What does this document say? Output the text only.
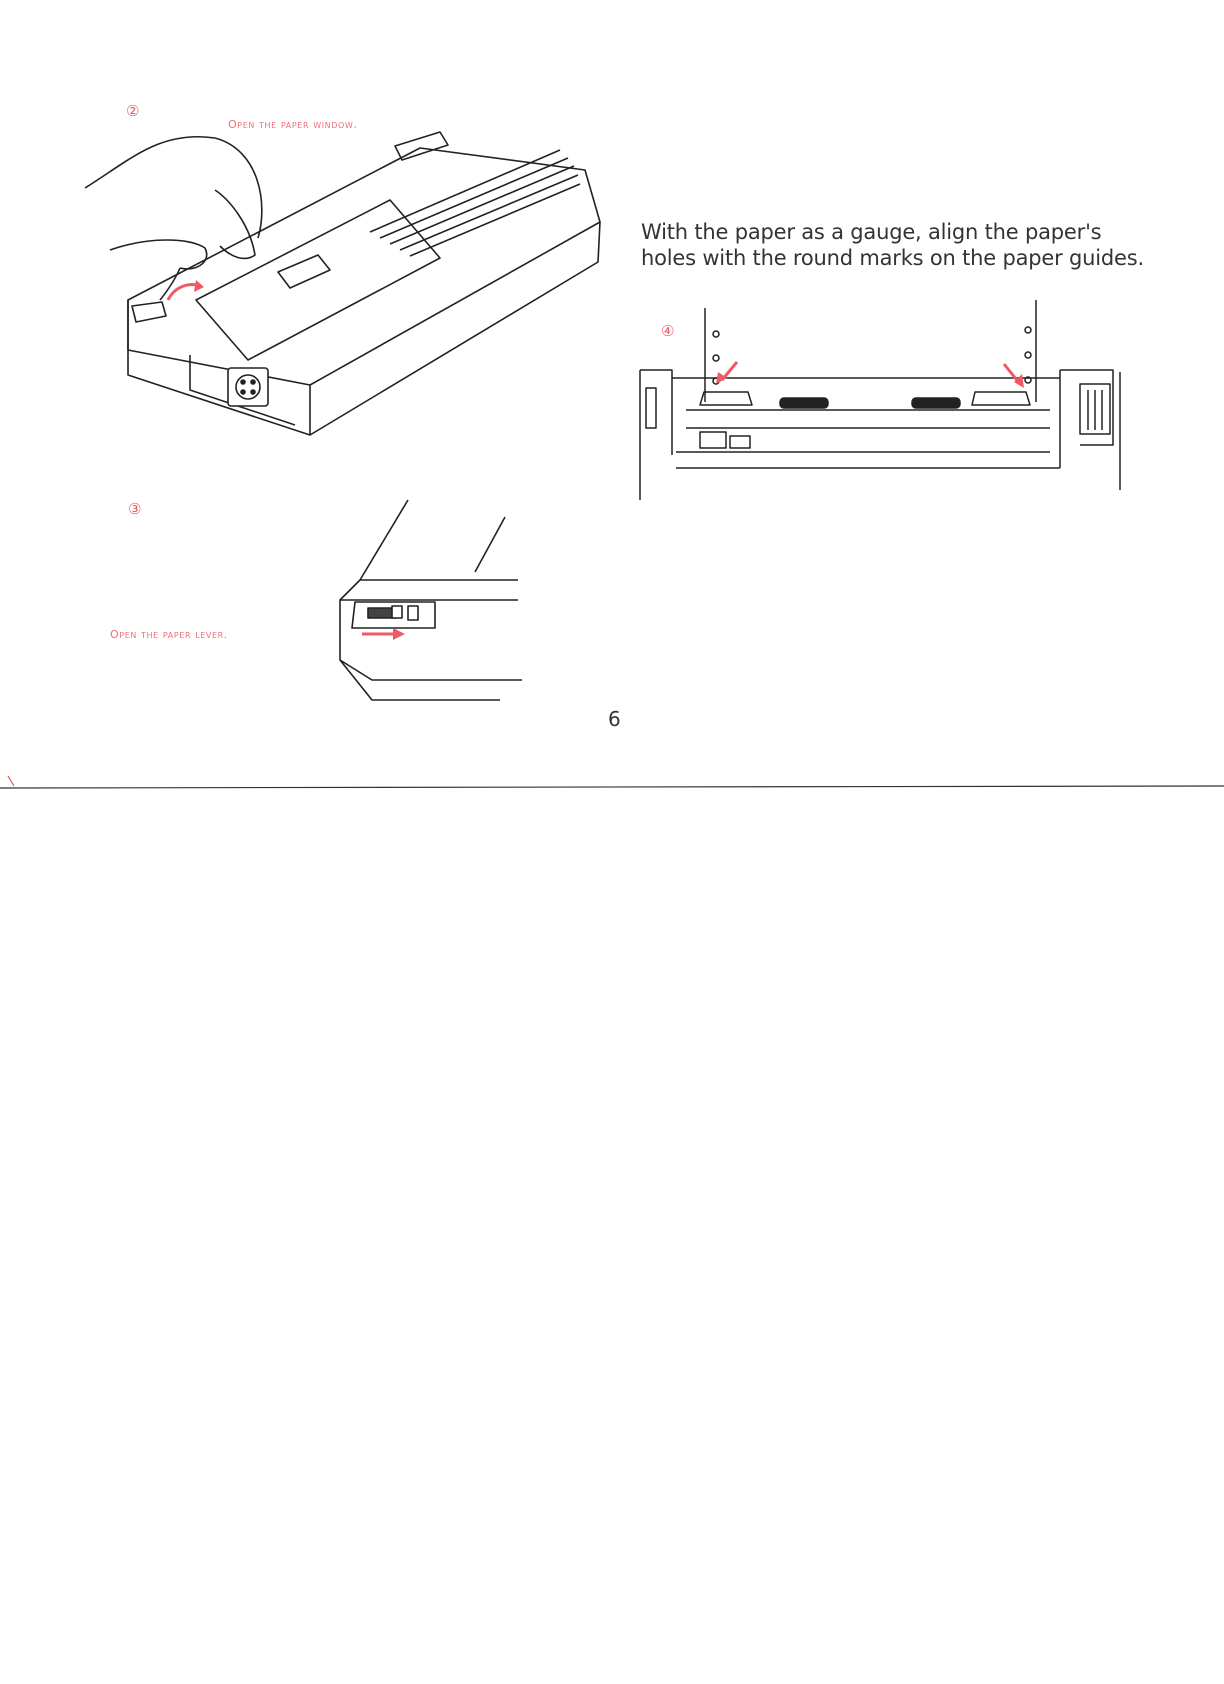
②
Open the paper window.
③
Open the paper lever.
With the paper as a gauge, align the paper's
holes with the round marks on the paper guides.
④
6
